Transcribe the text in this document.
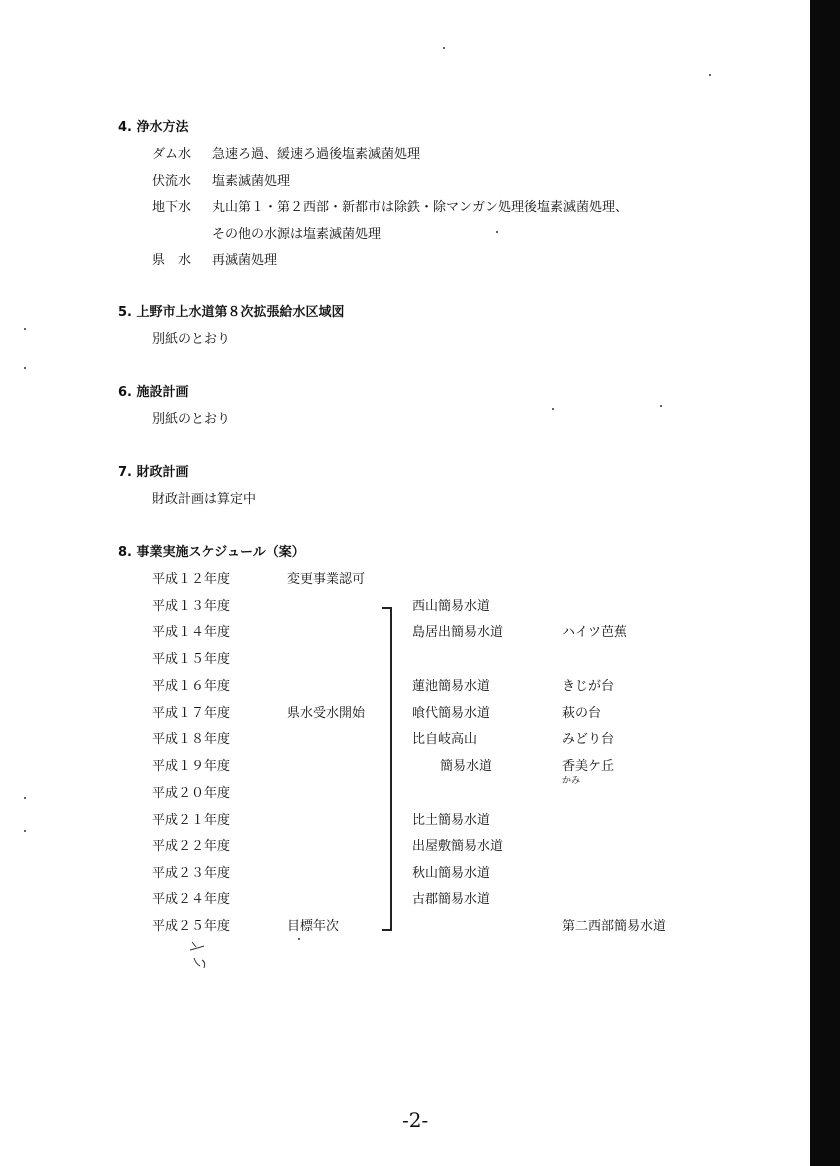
4. 浄水方法
ダム水 急速ろ過、緩速ろ過後塩素滅菌処理
伏流水 塩素滅菌処理
地下水 丸山第１・第２西部・新都市は除鉄・除マンガン処理後塩素滅菌処理、
その他の水源は塩素滅菌処理
県　水 再滅菌処理
5. 上野市上水道第８次拡張給水区域図
別紙のとおり
6. 施設計画
別紙のとおり
7. 財政計画
財政計画は算定中
8. 事業実施スケジュール（案）
平成１２年度
平成１３年度
平成１４年度
平成１５年度
平成１６年度
平成１７年度
平成１８年度
平成１９年度
平成２０年度
平成２１年度
平成２２年度
平成２３年度
平成２４年度
平成２５年度
変更事業認可
県水受水開始
目標年次
西山簡易水道
島居出簡易水道
蓮池簡易水道
喰代簡易水道
比自岐高山
簡易水道
比土簡易水道
出屋敷簡易水道
秋山簡易水道
古郡簡易水道
ハイツ芭蕉
きじが台
萩の台
みどり台
香美ケ丘
かみ
第二西部簡易水道
-2-
